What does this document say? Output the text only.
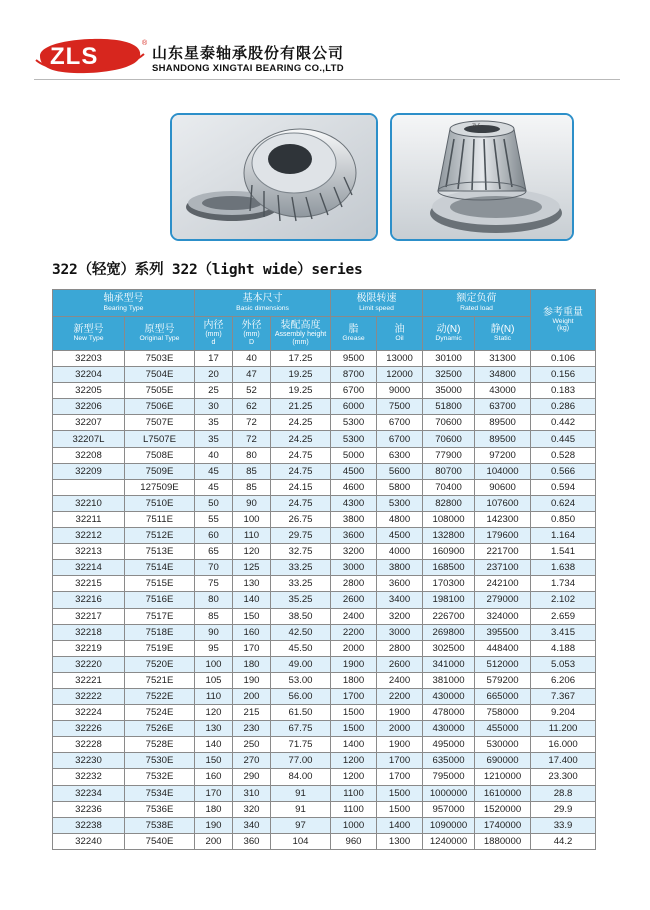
ZLS	®
山东星泰轴承股份有限公司
SHANDONG XINGTAI BEARING CO.,LTD
ZLS
322（轻宽）系列 322（light wide）series
轴承型号
Bearing Type		基本尺寸
Basic dimensions			极限转速
Limit speed		额定负荷
Rated load		参考重量
Weight
(kg)

新型号
New Type	原型号
Original Type	内径
(mm)
d	外径
(mm)
D	装配高度
Assembly height
(mm)	脂
Grease	油
Oil	动(N)
Dynamic	静(N)
Static	

32203	7503E	17	40	17.25	9500	13000	30100	31300	0.106
32204	7504E	20	47	19.25	8700	12000	32500	34800	0.156
32205	7505E	25	52	19.25	6700	9000	35000	43000	0.183
32206	7506E	30	62	21.25	6000	7500	51800	63700	0.286
32207	7507E	35	72	24.25	5300	6700	70600	89500	0.442
32207L	L7507E	35	72	24.25	5300	6700	70600	89500	0.445
32208	7508E	40	80	24.75	5000	6300	77900	97200	0.528
32209	7509E	45	85	24.75	4500	5600	80700	104000	0.566
	127509E	45	85	24.15	4600	5800	70400	90600	0.594
32210	7510E	50	90	24.75	4300	5300	82800	107600	0.624
32211	7511E	55	100	26.75	3800	4800	108000	142300	0.850
32212	7512E	60	110	29.75	3600	4500	132800	179600	1.164
32213	7513E	65	120	32.75	3200	4000	160900	221700	1.541
32214	7514E	70	125	33.25	3000	3800	168500	237100	1.638
32215	7515E	75	130	33.25	2800	3600	170300	242100	1.734
32216	7516E	80	140	35.25	2600	3400	198100	279000	2.102
32217	7517E	85	150	38.50	2400	3200	226700	324000	2.659
32218	7518E	90	160	42.50	2200	3000	269800	395500	3.415
32219	7519E	95	170	45.50	2000	2800	302500	448400	4.188
32220	7520E	100	180	49.00	1900	2600	341000	512000	5.053
32221	7521E	105	190	53.00	1800	2400	381000	579200	6.206
32222	7522E	110	200	56.00	1700	2200	430000	665000	7.367
32224	7524E	120	215	61.50	1500	1900	478000	758000	9.204
32226	7526E	130	230	67.75	1500	2000	430000	455000	11.200
32228	7528E	140	250	71.75	1400	1900	495000	530000	16.000
32230	7530E	150	270	77.00	1200	1700	635000	690000	17.400
32232	7532E	160	290	84.00	1200	1700	795000	1210000	23.300
32234	7534E	170	310	91	1100	1500	1000000	1610000	28.8
32236	7536E	180	320	91	1100	1500	957000	1520000	29.9
32238	7538E	190	340	97	1000	1400	1090000	1740000	33.9
32240	7540E	200	360	104	960	1300	1240000	1880000	44.2
